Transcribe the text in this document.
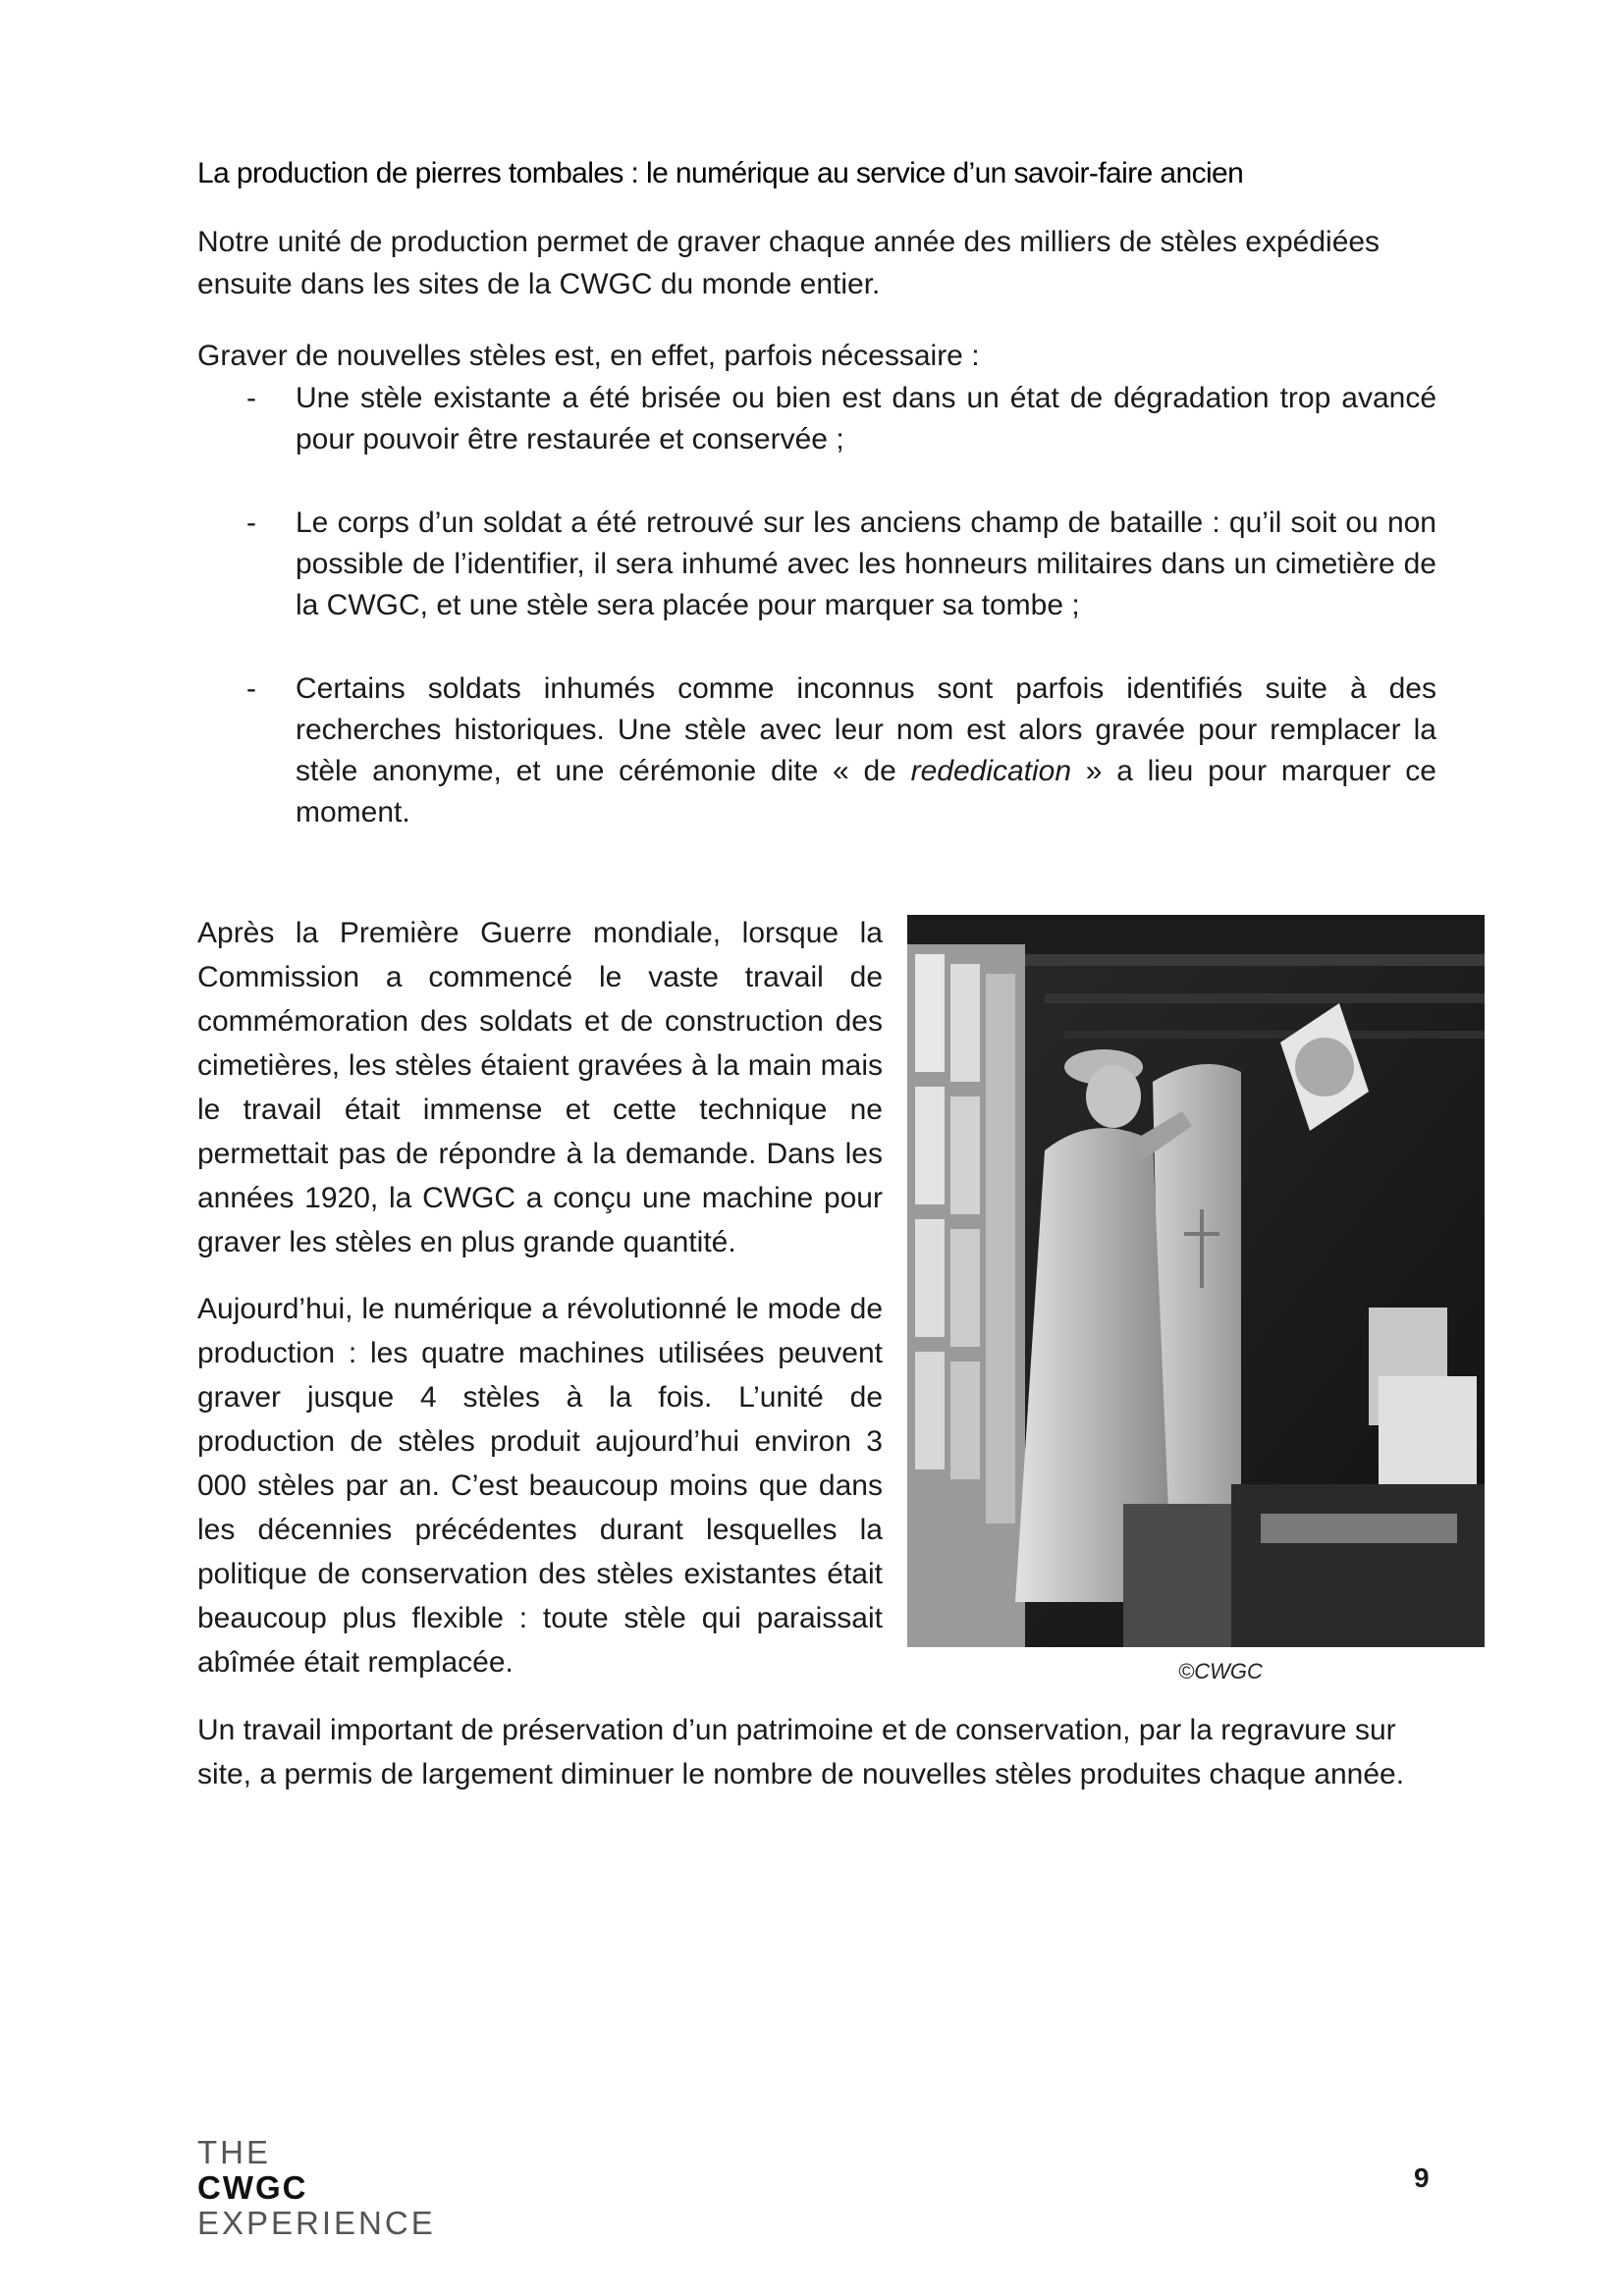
La production de pierres tombales : le numérique au service d’un savoir-faire ancien

Notre unité de production permet de graver chaque année des milliers de stèles expédiées ensuite dans les sites de la CWGC du monde entier.

Graver de nouvelles stèles est, en effet, parfois nécessaire :

- Une stèle existante a été brisée ou bien est dans un état de dégradation trop avancé pour pouvoir être restaurée et conservée ;
- Le corps d’un soldat a été retrouvé sur les anciens champ de bataille : qu’il soit ou non possible de l’identifier, il sera inhumé avec les honneurs militaires dans un cimetière de la CWGC, et une stèle sera placée pour marquer sa tombe ;
- Certains soldats inhumés comme inconnus sont parfois identifiés suite à des recherches historiques. Une stèle avec leur nom est alors gravée pour remplacer la stèle anonyme, et une cérémonie dite « de rededication » a lieu pour marquer ce moment.

Après la Première Guerre mondiale, lorsque la Commission a commencé le vaste travail de commémoration des soldats et de construction des cimetières, les stèles étaient gravées à la main mais le travail était immense et cette technique ne permettait pas de répondre à la demande. Dans les années 1920, la CWGC a conçu une machine pour graver les stèles en plus grande quantité.

Aujourd’hui, le numérique a révolutionné le mode de production : les quatre machines utilisées peuvent graver jusque 4 stèles à la fois. L’unité de production de stèles produit aujourd’hui environ 3 000 stèles par an. C’est beaucoup moins que dans les décennies précédentes durant lesquelles la politique de conservation des stèles existantes était beaucoup plus flexible : toute stèle qui paraissait abîmée était remplacée.	©CWGC

Un travail important de préservation d’un patrimoine et de conservation, par la regravure sur site, a permis de largement diminuer le nombre de nouvelles stèles produites chaque année.

THE
CWGC
EXPERIENCE
9
